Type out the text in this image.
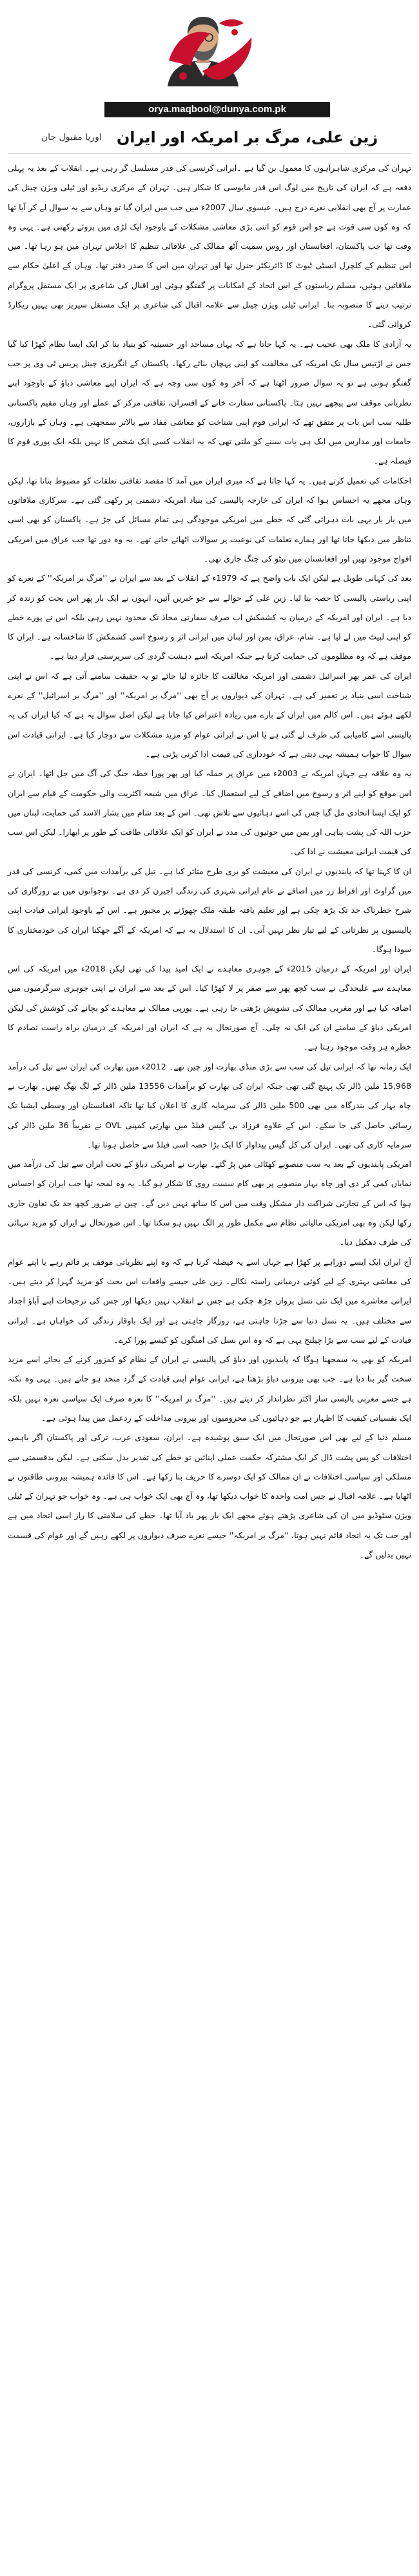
orya.maqbool@dunya.com.pk
زین علی، مرگ بر امریکہ اور ایران اوریا مقبول جان

تہران کی مرکزی شاہراہوں کا معمول بن گیا ہے ۔ایرانی کرنسی کی قدر مسلسل گر رہی ہے۔ انقلاب کے بعد یہ پہلی دفعہ ہے کہ ایران کی تاریخ میں لوگ اس قدر مایوسی کا شکار ہیں۔ تہران کے مرکزی ریڈیو اور ٹیلی ویژن چینل کی عمارت پر آج بھی انقلابی نعرے درج ہیں۔ عیسوی سال 2007ء میں جب میں ایران گیا تو وہاں سے یہ سوال لے کر آیا تھا کہ وہ کون سی قوت ہے جو اس قوم کو اتنی بڑی معاشی مشکلات کے باوجود ایک لڑی میں پروئے رکھتی ہے۔ یہی وہ وقت تھا جب پاکستان، افغانستان اور روس سمیت آٹھ ممالک کی علاقائی تنظیم کا اجلاس تہران میں ہو رہا تھا۔ میں اس تنظیم کے کلچرل انسٹی ٹیوٹ کا ڈائریکٹر جنرل تھا اور تہران میں اس کا صدر دفتر تھا۔ وہاں کے اعلیٰ حکام سے ملاقاتیں ہوئیں، مسلم ریاستوں کے اس اتحاد کے امکانات پر گفتگو ہوئی اور اقبال کی شاعری پر ایک مستقل پروگرام ترتیب دینے کا منصوبہ بنا۔ ایرانی ٹیلی ویژن چینل سے علامہ اقبال کی شاعری پر ایک مستقل سیریز بھی یہیں ریکارڈ کروائی گئی۔

یہ آزادی کا ملک بھی عجیب ہے۔ یہ کہا جاتا ہے کہ یہاں مساجد اور حسینیہ کو بنیاد بنا کر ایک ایسا نظام کھڑا کیا گیا جس نے اڑتیس سال تک امریکہ کی مخالفت کو اپنی پہچان بنائے رکھا۔ پاکستان کے انگریزی چینل پریس ٹی وی پر جب گفتگو ہوتی ہے تو یہ سوال ضرور اٹھتا ہے کہ آخر وہ کون سی وجہ ہے کہ ایران اپنے معاشی دباؤ کے باوجود اپنے نظریاتی موقف سے پیچھے نہیں ہٹا۔ پاکستانی سفارت خانے کے افسران، ثقافتی مرکز کے عملے اور وہاں مقیم پاکستانی طلبہ سب اس بات پر متفق تھے کہ ایرانی قوم اپنی شناخت کو معاشی مفاد سے بالاتر سمجھتی ہے۔ وہاں کے بازاروں، جامعات اور مدارس میں ایک ہی بات سننے کو ملتی تھی کہ یہ انقلاب کسی ایک شخص کا نہیں بلکہ ایک پوری قوم کا فیصلہ ہے۔

احکامات کی تعمیل کرتے ہیں۔ یہ کہا جاتا ہے کہ میری ایران میں آمد کا مقصد ثقافتی تعلقات کو مضبوط بنانا تھا، لیکن وہاں مجھے یہ احساس ہوا کہ ایران کی خارجہ پالیسی کی بنیاد امریکہ دشمنی پر رکھی گئی ہے۔ سرکاری ملاقاتوں میں بار بار یہی بات دہرائی گئی کہ خطے میں امریکی موجودگی ہی تمام مسائل کی جڑ ہے۔ پاکستان کو بھی اسی تناظر میں دیکھا جاتا تھا اور ہمارے تعلقات کی نوعیت پر سوالات اٹھائے جاتے تھے۔ یہ وہ دور تھا جب عراق میں امریکی افواج موجود تھیں اور افغانستان میں نیٹو کی جنگ جاری تھی۔

بعد کی کہانی طویل ہے لیکن ایک بات واضح ہے کہ 1979ء کے انقلاب کے بعد سے ایران نے ''مرگ بر امریکہ'' کے نعرے کو اپنی ریاستی پالیسی کا حصہ بنا لیا۔ زین علی کے حوالے سے جو خبریں آئیں، انہوں نے ایک بار پھر اس بحث کو زندہ کر دیا ہے۔ ایران اور امریکہ کے درمیان یہ کشمکش اب صرف سفارتی محاذ تک محدود نہیں رہی بلکہ اس نے پورے خطے کو اپنی لپیٹ میں لے لیا ہے۔ شام، عراق، یمن اور لبنان میں ایرانی اثر و رسوخ اسی کشمکش کا شاخسانہ ہے۔ ایران کا موقف ہے کہ وہ مظلوموں کی حمایت کرتا ہے جبکہ امریکہ اسے دہشت گردی کی سرپرستی قرار دیتا ہے۔

ایران کی عمر بھر اسرائیل دشمنی اور امریکہ مخالفت کا جائزہ لیا جائے تو یہ حقیقت سامنے آتی ہے کہ اس نے اپنی شناخت اسی بنیاد پر تعمیر کی ہے۔ تہران کی دیواروں پر آج بھی ''مرگ بر امریکہ'' اور ''مرگ بر اسرائیل'' کے نعرے لکھے ہوئے ہیں۔ اس کالم میں ایران کے بارے میں زیادہ اعتراض کیا جاتا ہے لیکن اصل سوال یہ ہے کہ کیا ایران کی یہ پالیسی اسے کامیابی کی طرف لے گئی ہے یا اس نے ایرانی عوام کو مزید مشکلات سے دوچار کیا ہے۔ ایرانی قیادت اس سوال کا جواب ہمیشہ یہی دیتی ہے کہ خودداری کی قیمت ادا کرنی پڑتی ہے۔

یہ وہ علاقہ ہے جہاں امریکہ نے 2003ء میں عراق پر حملہ کیا اور پھر پورا خطہ جنگ کی آگ میں جل اٹھا۔ ایران نے اس موقع کو اپنے اثر و رسوخ میں اضافے کے لیے استعمال کیا۔ عراق میں شیعہ اکثریت والی حکومت کے قیام سے ایران کو ایک ایسا اتحادی مل گیا جس کی اسے دہائیوں سے تلاش تھی۔ اس کے بعد شام میں بشار الاسد کی حمایت، لبنان میں حزب اللہ کی پشت پناہی اور یمن میں حوثیوں کی مدد نے ایران کو ایک علاقائی طاقت کے طور پر ابھارا۔ لیکن اس سب کی قیمت ایرانی معیشت نے ادا کی۔

ان کا کہنا تھا کہ پابندیوں نے ایران کی معیشت کو بری طرح متاثر کیا ہے۔ تیل کی برآمدات میں کمی، کرنسی کی قدر میں گراوٹ اور افراط زر میں اضافے نے عام ایرانی شہری کی زندگی اجیرن کر دی ہے۔ نوجوانوں میں بے روزگاری کی شرح خطرناک حد تک بڑھ چکی ہے اور تعلیم یافتہ طبقہ ملک چھوڑنے پر مجبور ہے۔ اس کے باوجود ایرانی قیادت اپنی پالیسیوں پر نظرثانی کے لیے تیار نظر نہیں آتی۔ ان کا استدلال یہ ہے کہ امریکہ کے آگے جھکنا ایران کی خودمختاری کا سودا ہوگا۔

ایران اور امریکہ کے درمیان 2015ء کے جوہری معاہدے نے ایک امید پیدا کی تھی لیکن 2018ء میں امریکہ کی اس معاہدے سے علیحدگی نے سب کچھ پھر سے صفر پر لا کھڑا کیا۔ اس کے بعد سے ایران نے اپنی جوہری سرگرمیوں میں اضافہ کیا ہے اور مغربی ممالک کی تشویش بڑھتی جا رہی ہے۔ یورپی ممالک نے معاہدے کو بچانے کی کوشش کی لیکن امریکی دباؤ کے سامنے ان کی ایک نہ چلی۔ آج صورتحال یہ ہے کہ ایران اور امریکہ کے درمیان براہ راست تصادم کا خطرہ ہر وقت موجود رہتا ہے۔

ایک زمانہ تھا کہ ایرانی تیل کی سب سے بڑی منڈی بھارت اور چین تھے۔ 2012ء میں بھارت کی ایران سے تیل کی درآمد 15,968 ملین ڈالر تک پہنچ گئی تھی جبکہ ایران کی بھارت کو برآمدات 13556 ملین ڈالر کے لگ بھگ تھیں۔ بھارت نے چاہ بہار کی بندرگاہ میں بھی 500 ملین ڈالر کی سرمایہ کاری کا اعلان کیا تھا تاکہ افغانستان اور وسطی ایشیا تک رسائی حاصل کی جا سکے۔ اس کے علاوہ فرزاد بی گیس فیلڈ میں بھارتی کمپنی OVL نے تقریباً 36 ملین ڈالر کی سرمایہ کاری کی تھی۔ ایران کی کل گیس پیداوار کا ایک بڑا حصہ اسی فیلڈ سے حاصل ہونا تھا۔

امریکی پابندیوں کے بعد یہ سب منصوبے کھٹائی میں پڑ گئے۔ بھارت نے امریکی دباؤ کے تحت ایران سے تیل کی درآمد میں نمایاں کمی کر دی اور چاہ بہار منصوبے پر بھی کام سست روی کا شکار ہو گیا۔ یہ وہ لمحہ تھا جب ایران کو احساس ہوا کہ اس کے تجارتی شراکت دار مشکل وقت میں اس کا ساتھ نہیں دیں گے۔ چین نے ضرور کچھ حد تک تعاون جاری رکھا لیکن وہ بھی امریکی مالیاتی نظام سے مکمل طور پر الگ نہیں ہو سکتا تھا۔ اس صورتحال نے ایران کو مزید تنہائی کی طرف دھکیل دیا۔

آج ایران ایک ایسے دوراہے پر کھڑا ہے جہاں اسے یہ فیصلہ کرنا ہے کہ وہ اپنے نظریاتی موقف پر قائم رہے یا اپنے عوام کی معاشی بہتری کے لیے کوئی درمیانی راستہ نکالے۔ زین علی جیسے واقعات اس بحث کو مزید گہرا کر دیتے ہیں۔ ایرانی معاشرے میں ایک نئی نسل پروان چڑھ چکی ہے جس نے انقلاب نہیں دیکھا اور جس کی ترجیحات اپنے آباؤ اجداد سے مختلف ہیں۔ یہ نسل دنیا سے جڑنا چاہتی ہے، روزگار چاہتی ہے اور ایک باوقار زندگی کی خواہاں ہے۔ ایرانی قیادت کے لیے سب سے بڑا چیلنج یہی ہے کہ وہ اس نسل کی امنگوں کو کیسے پورا کرے۔

امریکہ کو بھی یہ سمجھنا ہوگا کہ پابندیوں اور دباؤ کی پالیسی نے ایران کے نظام کو کمزور کرنے کے بجائے اسے مزید سخت گیر بنا دیا ہے۔ جب بھی بیرونی دباؤ بڑھتا ہے، ایرانی عوام اپنی قیادت کے گرد متحد ہو جاتے ہیں۔ یہی وہ نکتہ ہے جسے مغربی پالیسی ساز اکثر نظرانداز کر دیتے ہیں۔ ''مرگ بر امریکہ'' کا نعرہ صرف ایک سیاسی نعرہ نہیں بلکہ ایک نفسیاتی کیفیت کا اظہار ہے جو دہائیوں کی محرومیوں اور بیرونی مداخلت کے ردعمل میں پیدا ہوئی ہے۔

مسلم دنیا کے لیے بھی اس صورتحال میں ایک سبق پوشیدہ ہے۔ ایران، سعودی عرب، ترکی اور پاکستان اگر باہمی اختلافات کو پس پشت ڈال کر ایک مشترکہ حکمت عملی اپنائیں تو خطے کی تقدیر بدل سکتی ہے۔ لیکن بدقسمتی سے مسلکی اور سیاسی اختلافات نے ان ممالک کو ایک دوسرے کا حریف بنا رکھا ہے۔ اس کا فائدہ ہمیشہ بیرونی طاقتوں نے اٹھایا ہے۔ علامہ اقبال نے جس امت واحدہ کا خواب دیکھا تھا، وہ آج بھی ایک خواب ہی ہے۔ وہ خواب جو تہران کے ٹیلی ویژن سٹوڈیو میں ان کی شاعری پڑھتے ہوئے مجھے ایک بار پھر یاد آیا تھا۔ خطے کی سلامتی کا راز اسی اتحاد میں ہے اور جب تک یہ اتحاد قائم نہیں ہوتا، ''مرگ بر امریکہ'' جیسے نعرے صرف دیواروں پر لکھے رہیں گے اور عوام کی قسمت نہیں بدلیں گے۔
